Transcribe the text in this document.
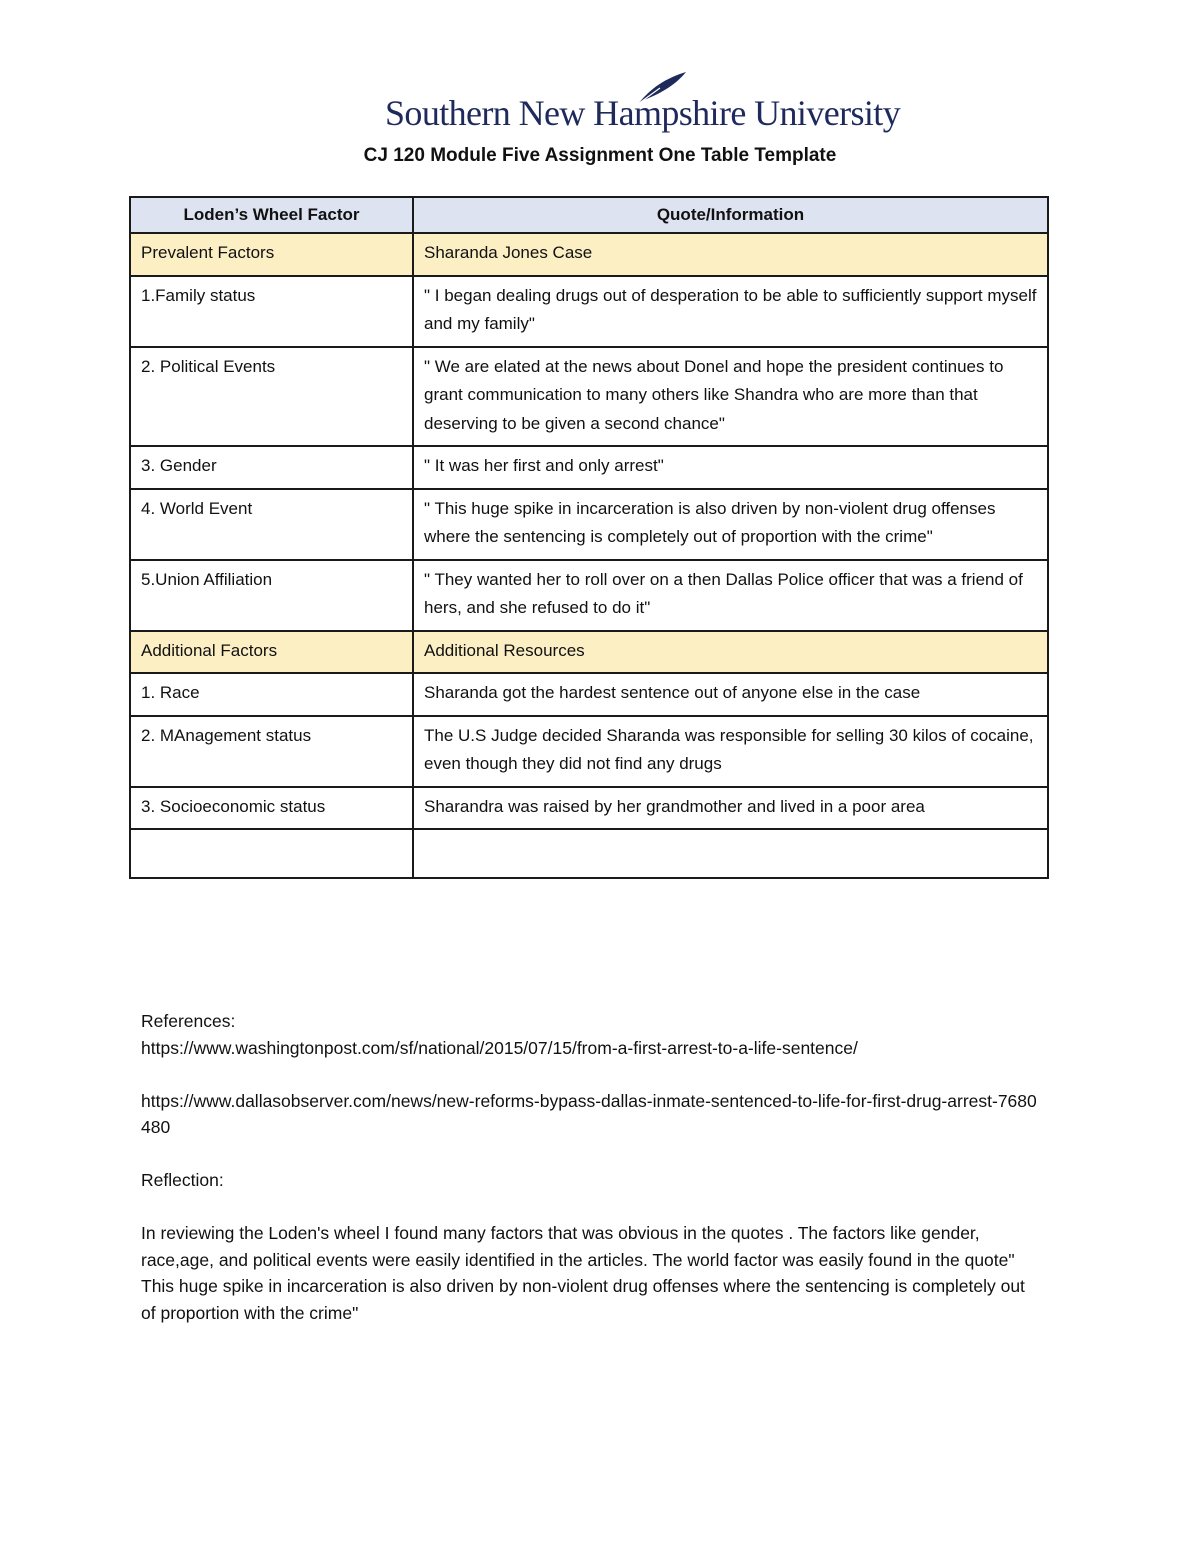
Southern New Hampshire University
CJ 120 Module Five Assignment One Table Template
Loden’s Wheel Factor	Quote/Information
Prevalent Factors	Sharanda Jones Case
1.Family status	" I began dealing drugs out of desperation to be able to sufficiently support myself and my family"
2. Political Events	" We are elated at the news about Donel and hope the president continues to grant communication to many others like Shandra who are more than that deserving to be given a second chance"
3. Gender	" It was her first and only arrest"
4. World Event	" This huge spike in incarceration is also driven by non-violent drug offenses where the sentencing is completely out of proportion with the crime"
5.Union Affiliation	" They wanted her to roll over on a then Dallas Police officer that was a friend of hers, and she refused to do it"
Additional Factors	Additional Resources
1. Race	Sharanda got the hardest sentence out of anyone else in the case
2. MAnagement status	The U.S Judge decided Sharanda was responsible for selling 30 kilos of cocaine, even though they did not find any drugs
3. Socioeconomic status	Sharandra was raised by her grandmother and lived in a poor area

References:

https://www.washingtonpost.com/sf/national/2015/07/15/from-a-first-arrest-to-a-life-sentence/

https://www.dallasobserver.com/news/new-reforms-bypass-dallas-inmate-sentenced-to-life-for-first-drug-arrest-7680480

Reflection:

In reviewing the Loden's wheel I found many factors that was obvious in the quotes . The factors like gender, race,age, and political events were easily identified in the articles. The world factor was easily found in the quote" This huge spike in incarceration is also driven by non-violent drug offenses where the sentencing is completely out of proportion with the crime"
